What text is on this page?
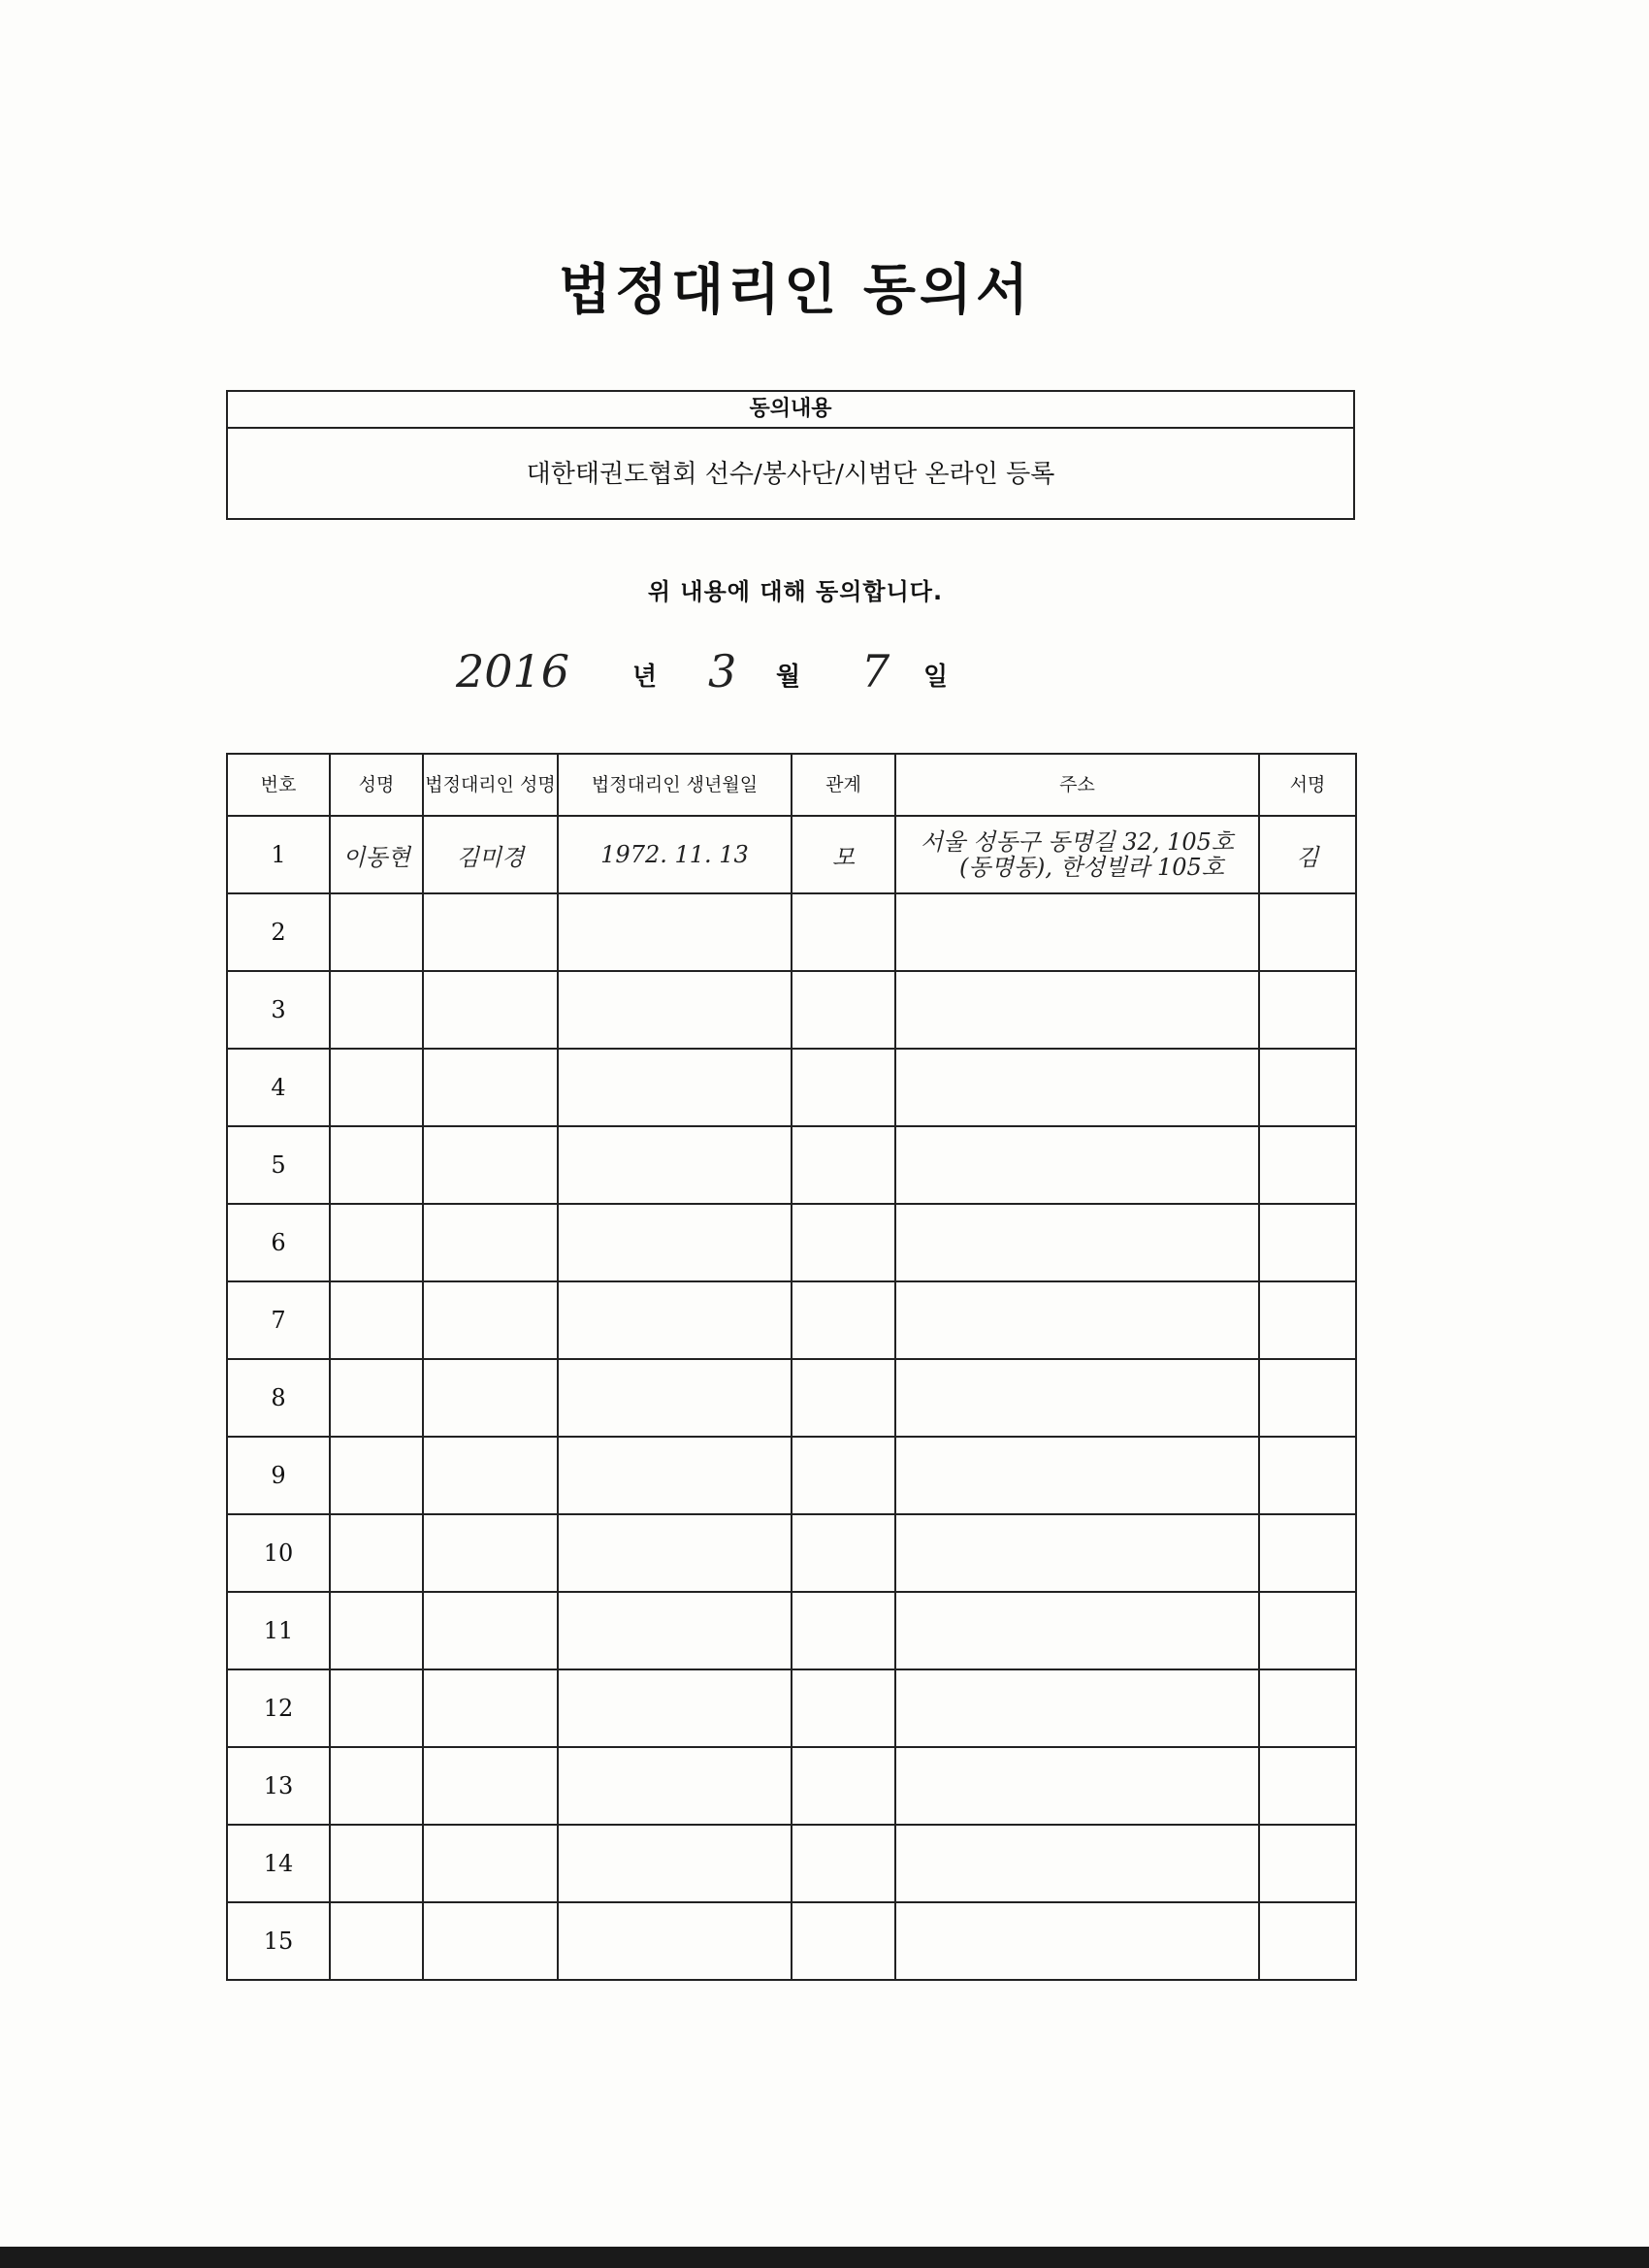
법정대리인 동의서
동의내용
대한태권도협회 선수/봉사단/시범단 온라인 등록
위 내용에 대해 동의합니다.
2016 년 3 월 7 일
번호	성명	법정대리인 성명	법정대리인 생년월일	관계	주소	서명
1	이동현	김미경	1972. 11. 13	모	서울 성동구 동명길 32, 105호
(동명동), 한성빌라 105호	김
2						
3						
4						
5						
6						
7						
8						
9						
10						
11						
12						
13						
14						
15						
